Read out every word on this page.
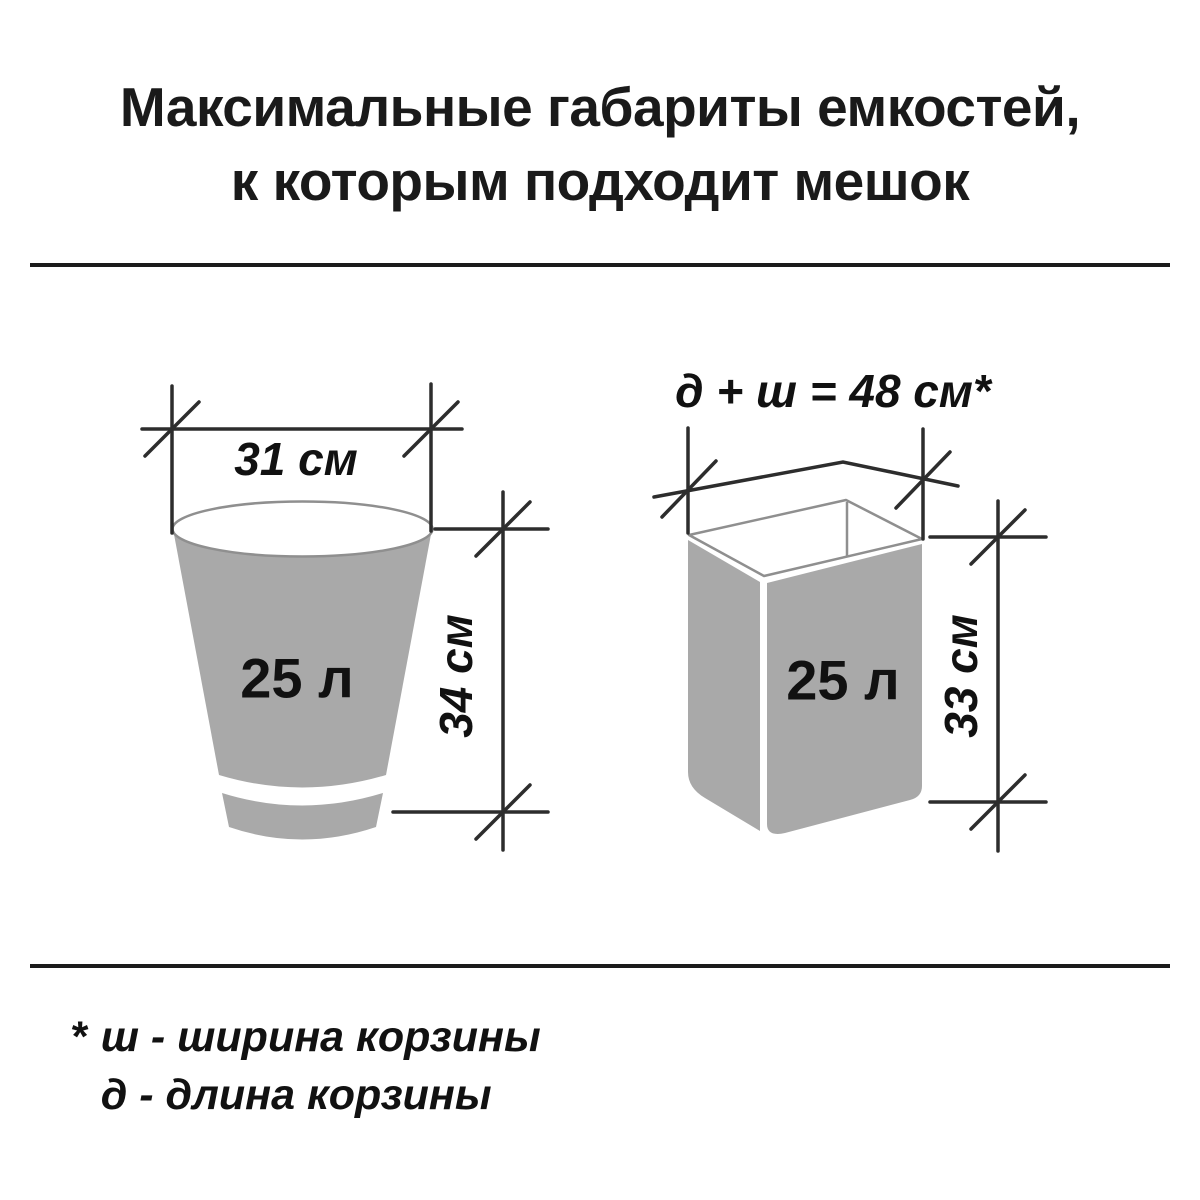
Максимальные габариты емкостей,
к которым подходит мешок
31 см
34 см
25 л
д + ш = 48 см*
25 л 33 см
* ш - ширина корзины
д - длина корзины
